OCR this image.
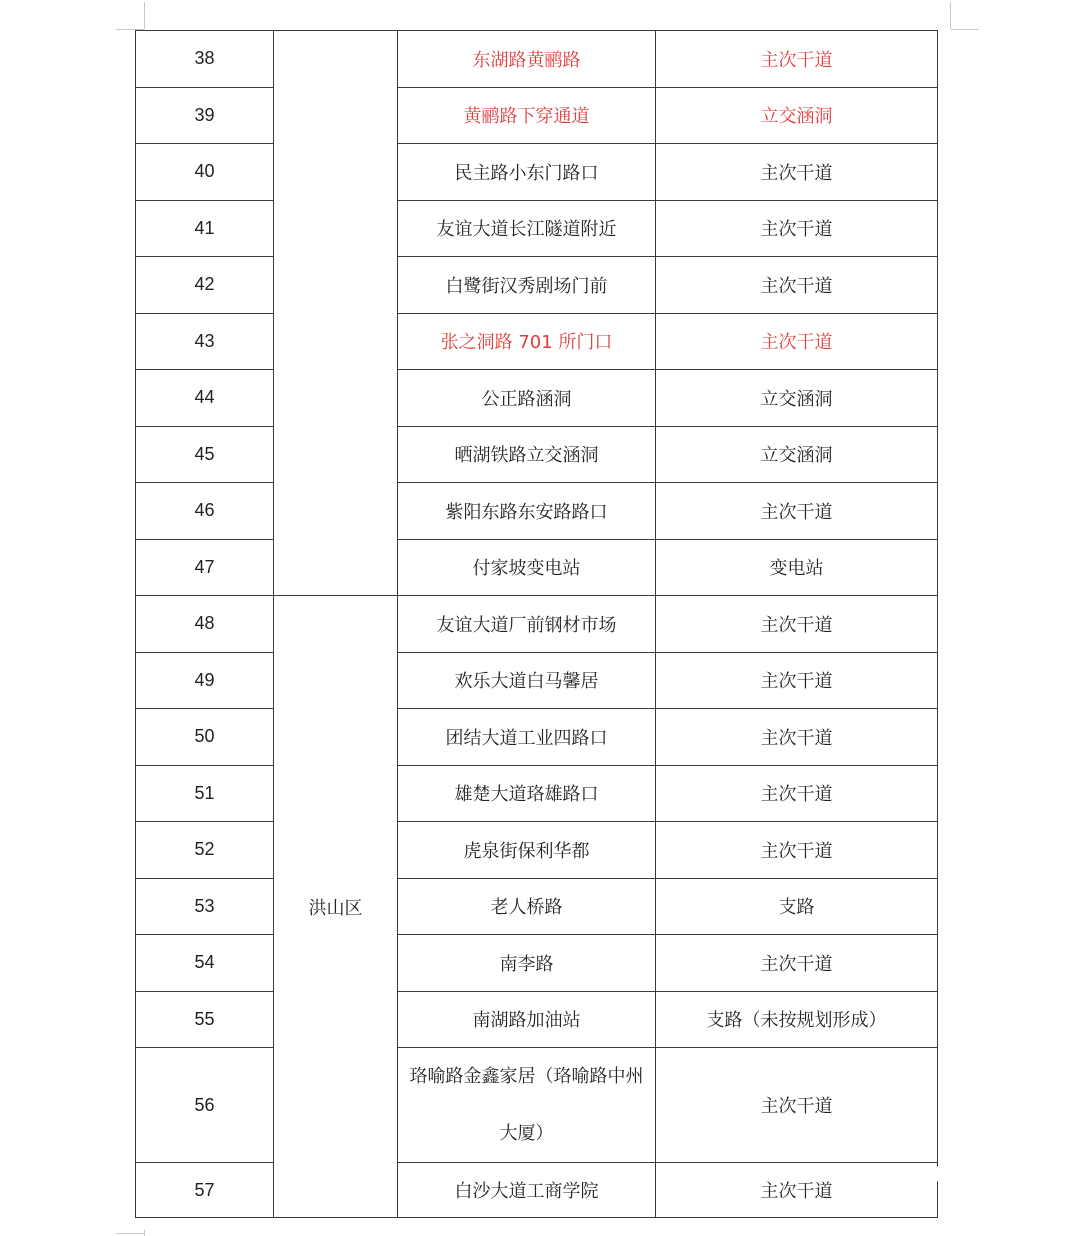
38		东湖路黄鹂路	主次干道
39		黄鹂路下穿通道	立交涵洞
40		民主路小东门路口	主次干道
41		友谊大道长江隧道附近	主次干道
42		白鹭街汉秀剧场门前	主次干道
43		张之洞路 701 所门口	主次干道
44		公正路涵洞	立交涵洞
45		晒湖铁路立交涵洞	立交涵洞
46		紫阳东路东安路路口	主次干道
47		付家坡变电站	变电站
48	洪山区	友谊大道厂前钢材市场	主次干道
49		欢乐大道白马馨居	主次干道
50		团结大道工业四路口	主次干道
51		雄楚大道珞雄路口	主次干道
52		虎泉街保利华都	主次干道
53		老人桥路	支路
54		南李路	主次干道
55		南湖路加油站	支路（未按规划形成）
56		珞喻路金鑫家居（珞喻路中州大厦）	主次干道
57		白沙大道工商学院	主次干道
